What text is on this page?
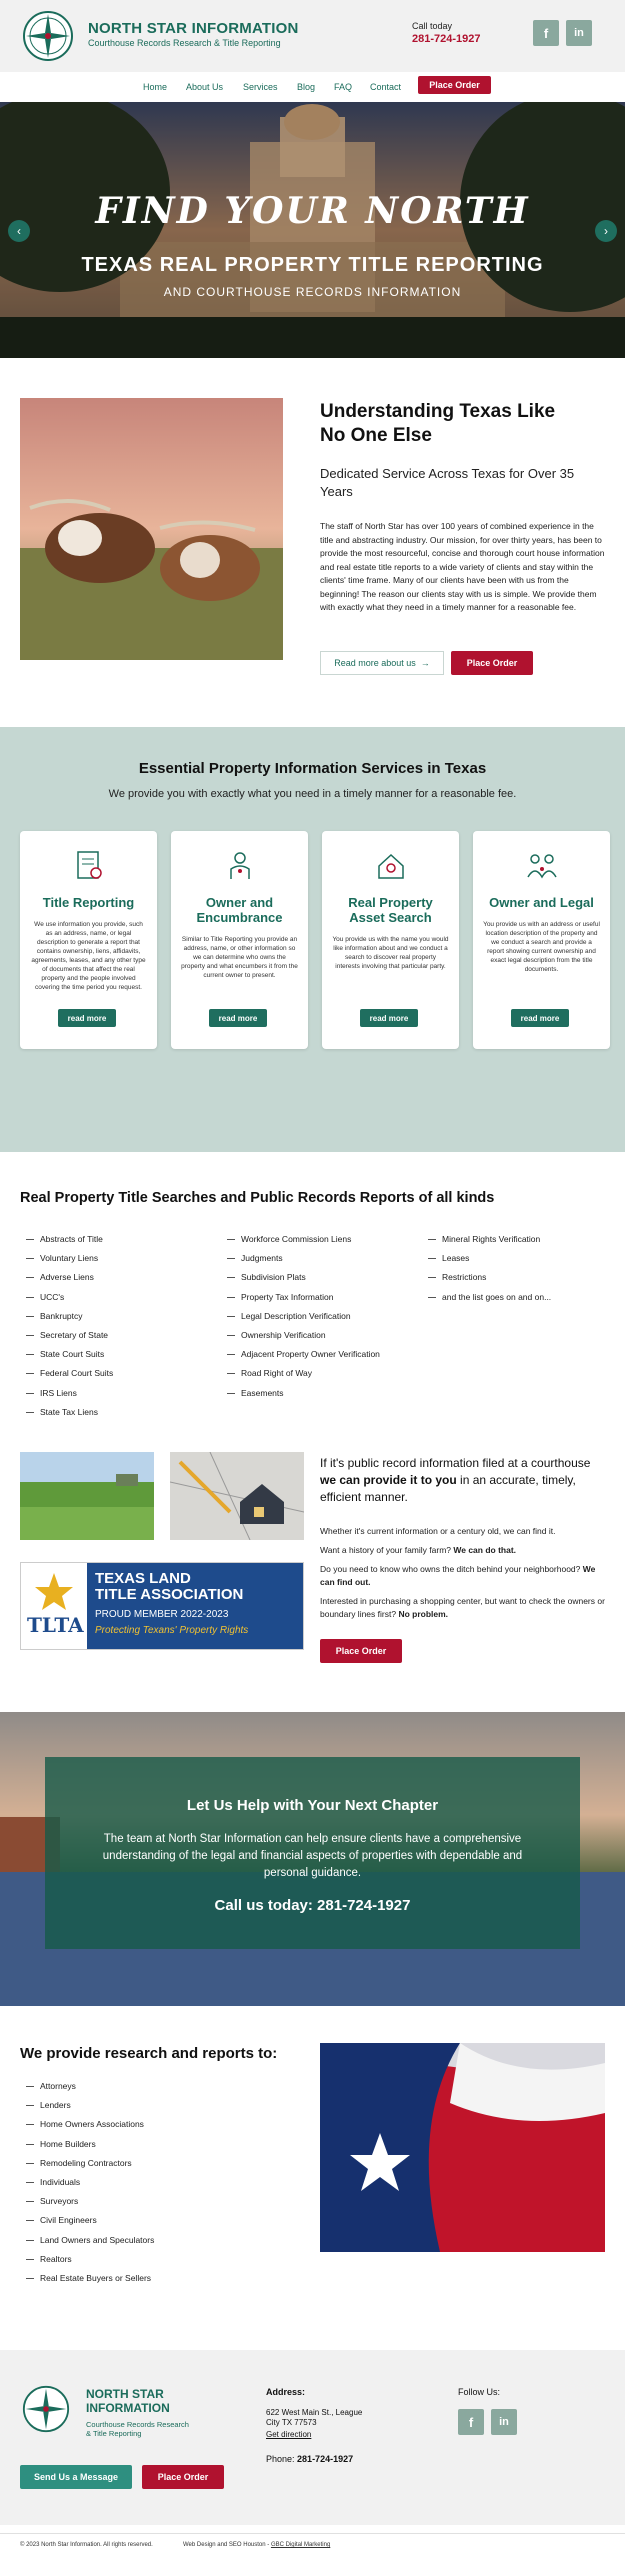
NORTH STAR INFORMATION
Courthouse Records Research & Title Reporting
Call today
281-724-1927	f	in
Home About Us Services Blog FAQ Contact	Place Order
‹	›
FIND YOUR NORTH
TEXAS REAL PROPERTY TITLE REPORTING
AND COURTHOUSE RECORDS INFORMATION
Understanding Texas Like
No One Else
Dedicated Service Across Texas for Over 35 Years
The staff of North Star has over 100 years of combined experience in the title and abstracting industry. Our mission, for over thirty years, has been to provide the most resourceful, concise and thorough court house information and real estate title reports to a wide variety of clients and stay within the clients' time frame. Many of our clients have been with us from the beginning! The reason our clients stay with us is simple. We provide them with exactly what they need in a timely manner for a reasonable fee.
Read more about us →	Place Order
Essential Property Information Services in Texas
We provide you with exactly what you need in a timely manner for a reasonable fee.
Title Reporting

We use information you provide, such as an address, name, or legal description to generate a report that contains ownership, liens, affidavits, agreements, leases, and any other type of documents that affect the real property and the people involved covering the time period you request.

read more
Owner and
Encumbrance

Similar to Title Reporting you provide an address, name, or other information so we can determine who owns the property and what encumbers it from the current owner to present.

read more
Real Property
Asset Search

You provide us with the name you would like information about and we conduct a search to discover real property interests involving that particular party.

read more
Owner and Legal

You provide us with an address or useful location description of the property and we conduct a search and provide a report showing current ownership and exact legal description from the title documents.

read more
Real Property Title Searches and Public Records Reports of all kinds
Abstracts of Title
Voluntary Liens
Adverse Liens
UCC's
Bankruptcy
Secretary of State
State Court Suits
Federal Court Suits
IRS Liens
State Tax Liens
Workforce Commission Liens
Judgments
Subdivision Plats
Property Tax Information
Legal Description Verification
Ownership Verification
Adjacent Property Owner Verification
Road Right of Way
Easements
Mineral Rights Verification
Leases
Restrictions
and the list goes on and on...
TLTA
TEXAS LAND
TITLE ASSOCIATION
PROUD MEMBER 2022-2023
Protecting Texans' Property Rights
If it's public record information filed at a courthouse we can provide it to you in an accurate, timely, efficient manner.
Whether it's current information or a century old, we can find it.
Want a history of your family farm? We can do that.
Do you need to know who owns the ditch behind your neighborhood? We can find out.
Interested in purchasing a shopping center, but want to check the owners or boundary lines first? No problem.
Place Order
Let Us Help with Your Next Chapter
The team at North Star Information can help ensure clients have a comprehensive understanding of the legal and financial aspects of properties with dependable and personal guidance.
Call us today: 281-724-1927
We provide research and reports to:
Attorneys
Lenders
Home Owners Associations
Home Builders
Remodeling Contractors
Individuals
Surveyors
Civil Engineers
Land Owners and Speculators
Realtors
Real Estate Buyers or Sellers
NORTH STAR
INFORMATION
Courthouse Records Research
& Title Reporting
Send Us a Message	Place Order
Address:
622 West Main St., League
City TX 77573
Get direction
Phone: 281-724-1927
Follow Us:
f	in
© 2023 North Star Information. All rights reserved.	Web Design and SEO Houston - GBC Digital Marketing
